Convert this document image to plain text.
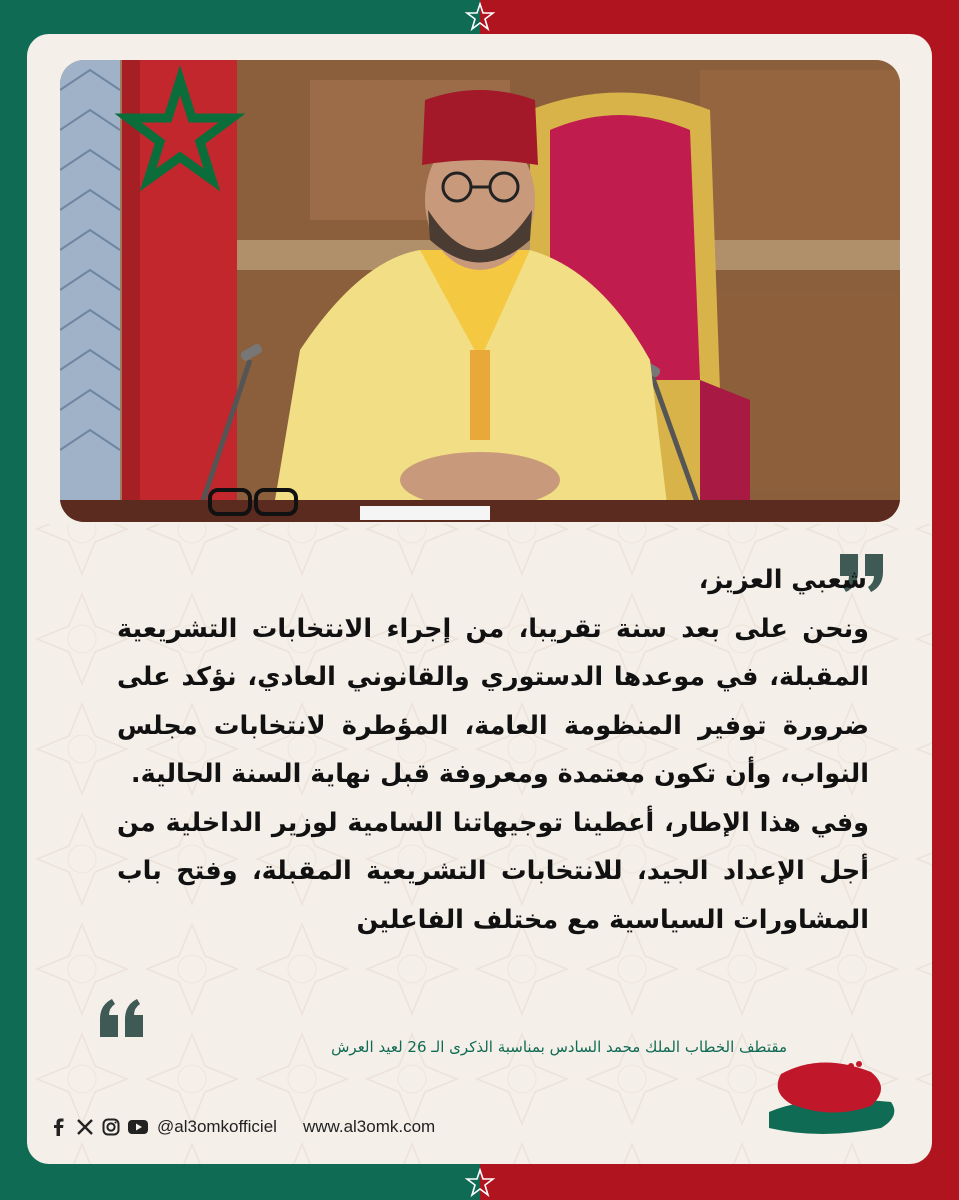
شعبي العزيز،

ونحن على بعد سنة تقريبا، من إجراء الانتخابات التشريعية المقبلة، في موعدها الدستوري والقانوني العادي، نؤكد على ضرورة توفير المنظومة العامة، المؤطرة لانتخابات مجلس النواب، وأن تكون معتمدة ومعروفة قبل نهاية السنة الحالية.

وفي هذا الإطار، أعطينا توجيهاتنا السامية لوزير الداخلية من أجل الإعداد الجيد، للانتخابات التشريعية المقبلة، وفتح باب المشاورات السياسية مع مختلف الفاعلين

مقتطف الخطاب الملك محمد السادس بمناسبة الذكرى الـ 26 لعيد العرش
@al3omkofficiel www.al3omk.com
